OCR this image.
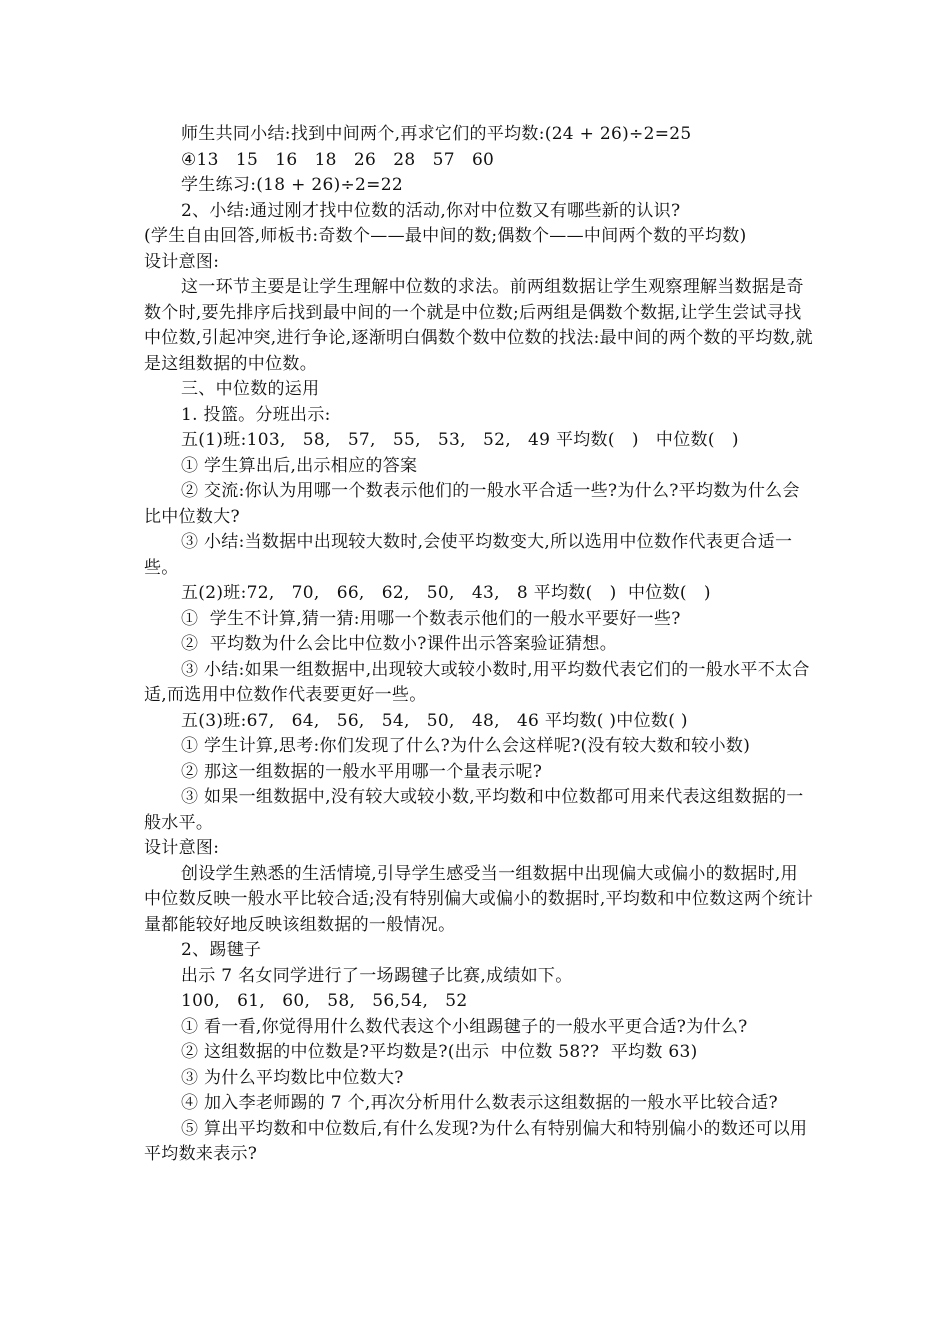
师生共同小结:找到中间两个,再求它们的平均数:(24 + 26)÷2=25

④13   15   16   18   26   28   57   60

学生练习:(18 + 26)÷2=22

2、小结:通过刚才找中位数的活动,你对中位数又有哪些新的认识?

(学生自由回答,师板书:奇数个——最中间的数;偶数个——中间两个数的平均数)

设计意图:

这一环节主要是让学生理解中位数的求法。前两组数据让学生观察理解当数据是奇数个时,要先排序后找到最中间的一个就是中位数;后两组是偶数个数据,让学生尝试寻找中位数,引起冲突,进行争论,逐渐明白偶数个数中位数的找法:最中间的两个数的平均数,就是这组数据的中位数。

三、中位数的运用

1. 投篮。分班出示:

五(1)班:103,   58,   57,   55,   53,   52,   49 平均数(   )   中位数(   )

① 学生算出后,出示相应的答案

② 交流:你认为用哪一个数表示他们的一般水平合适一些?为什么?平均数为什么会比中位数大?

③ 小结:当数据中出现较大数时,会使平均数变大,所以选用中位数作代表更合适一些。

五(2)班:72,   70,   66,   62,   50,   43,   8 平均数(   )  中位数(   )

①  学生不计算,猜一猜:用哪一个数表示他们的一般水平要好一些?

②  平均数为什么会比中位数小?课件出示答案验证猜想。

③ 小结:如果一组数据中,出现较大或较小数时,用平均数代表它们的一般水平不太合适,而选用中位数作代表要更好一些。

五(3)班:67,   64,   56,   54,   50,   48,   46 平均数( )中位数( )

① 学生计算,思考:你们发现了什么?为什么会这样呢?(没有较大数和较小数)

② 那这一组数据的一般水平用哪一个量表示呢?

③ 如果一组数据中,没有较大或较小数,平均数和中位数都可用来代表这组数据的一般水平。

设计意图:

创设学生熟悉的生活情境,引导学生感受当一组数据中出现偏大或偏小的数据时,用中位数反映一般水平比较合适;没有特别偏大或偏小的数据时,平均数和中位数这两个统计量都能较好地反映该组数据的一般情况。

2、踢毽子

出示 7 名女同学进行了一场踢毽子比赛,成绩如下。

100,   61,   60,   58,   56,54,   52

① 看一看,你觉得用什么数代表这个小组踢毽子的一般水平更合适?为什么?

② 这组数据的中位数是?平均数是?(出示  中位数 58??  平均数 63)

③ 为什么平均数比中位数大?

④ 加入李老师踢的 7 个,再次分析用什么数表示这组数据的一般水平比较合适?

⑤ 算出平均数和中位数后,有什么发现?为什么有特别偏大和特别偏小的数还可以用平均数来表示?
